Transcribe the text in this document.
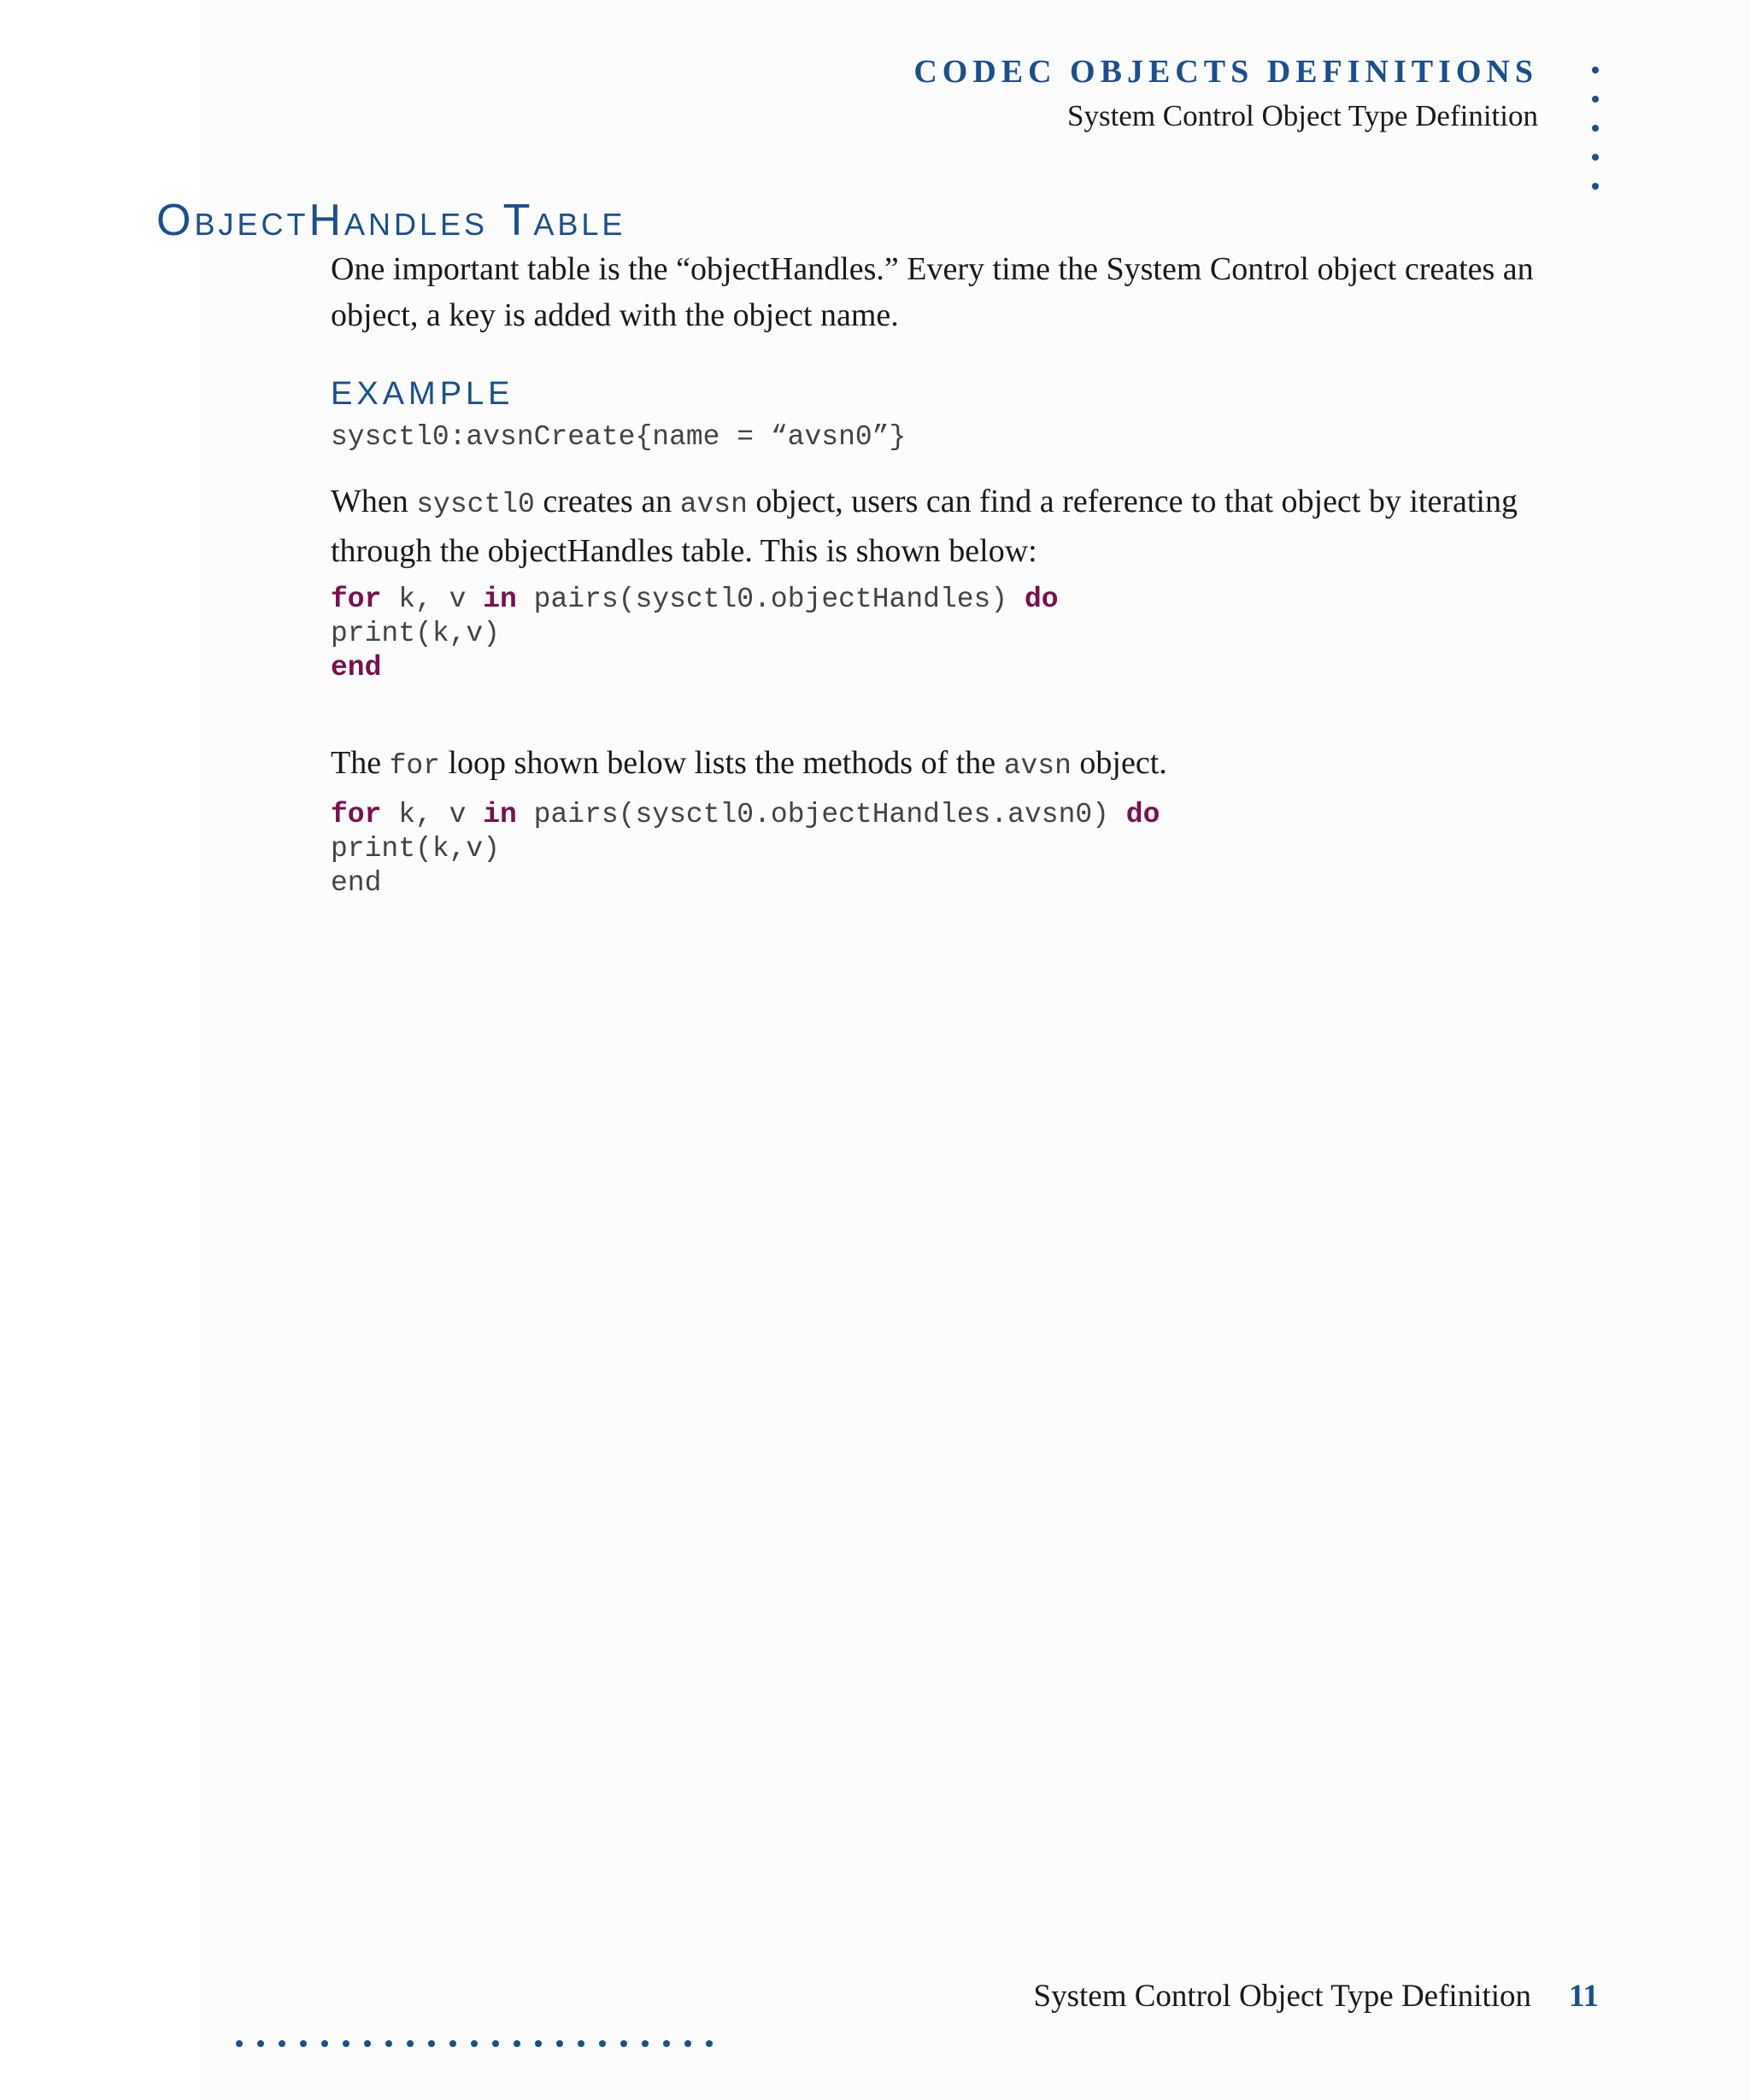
CODEC OBJECTS DEFINITIONS
System Control Object Type Definition
ObjectHandles Table

One important table is the “objectHandles.” Every time the System Control object creates an object, a key is added with the object name.

EXAMPLE
sysctl0:avsnCreate{name = “avsn0”}

When sysctl0 creates an avsn object, users can find a reference to that object by iterating through the objectHandles table. This is shown below:

for k, v in pairs(sysctl0.objectHandles) do
print(k,v)
end

The for loop shown below lists the methods of the avsn object.

for k, v in pairs(sysctl0.objectHandles.avsn0) do
print(k,v)
end
System Control Object Type Definition 11
